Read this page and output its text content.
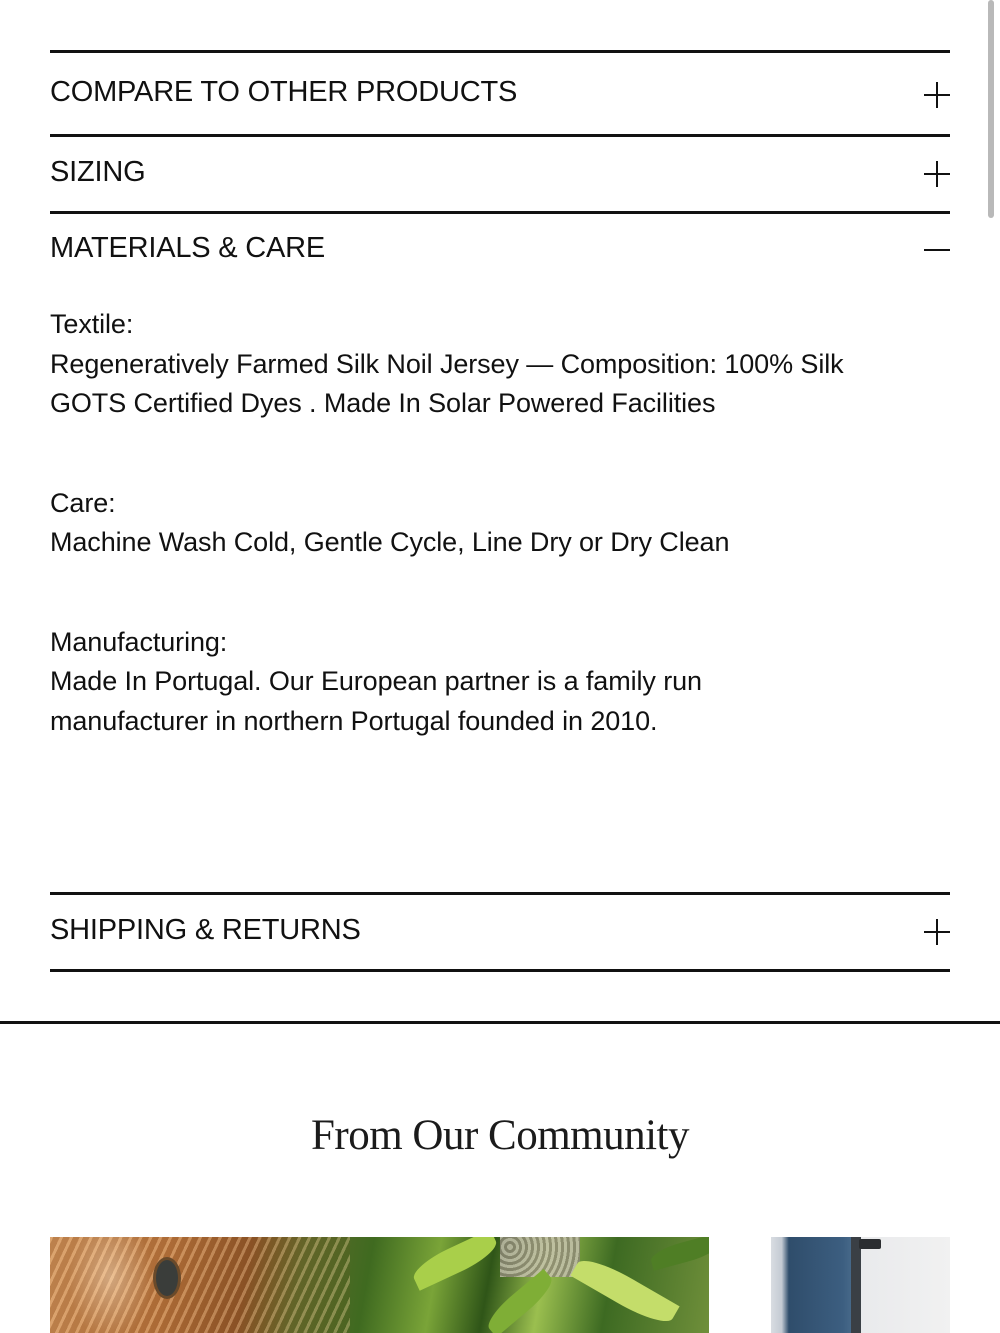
COMPARE TO OTHER PRODUCTS
SIZING
MATERIALS & CARE

Textile:

Regeneratively Farmed Silk Noil Jersey — Composition: 100% Silk

GOTS Certified Dyes . Made In Solar Powered Facilities

Care:

Machine Wash Cold, Gentle Cycle, Line Dry or Dry Clean

Manufacturing:

Made In Portugal. Our European partner is a family run manufacturer in northern Portugal founded in 2010.

SHIPPING & RETURNS
From Our Community
